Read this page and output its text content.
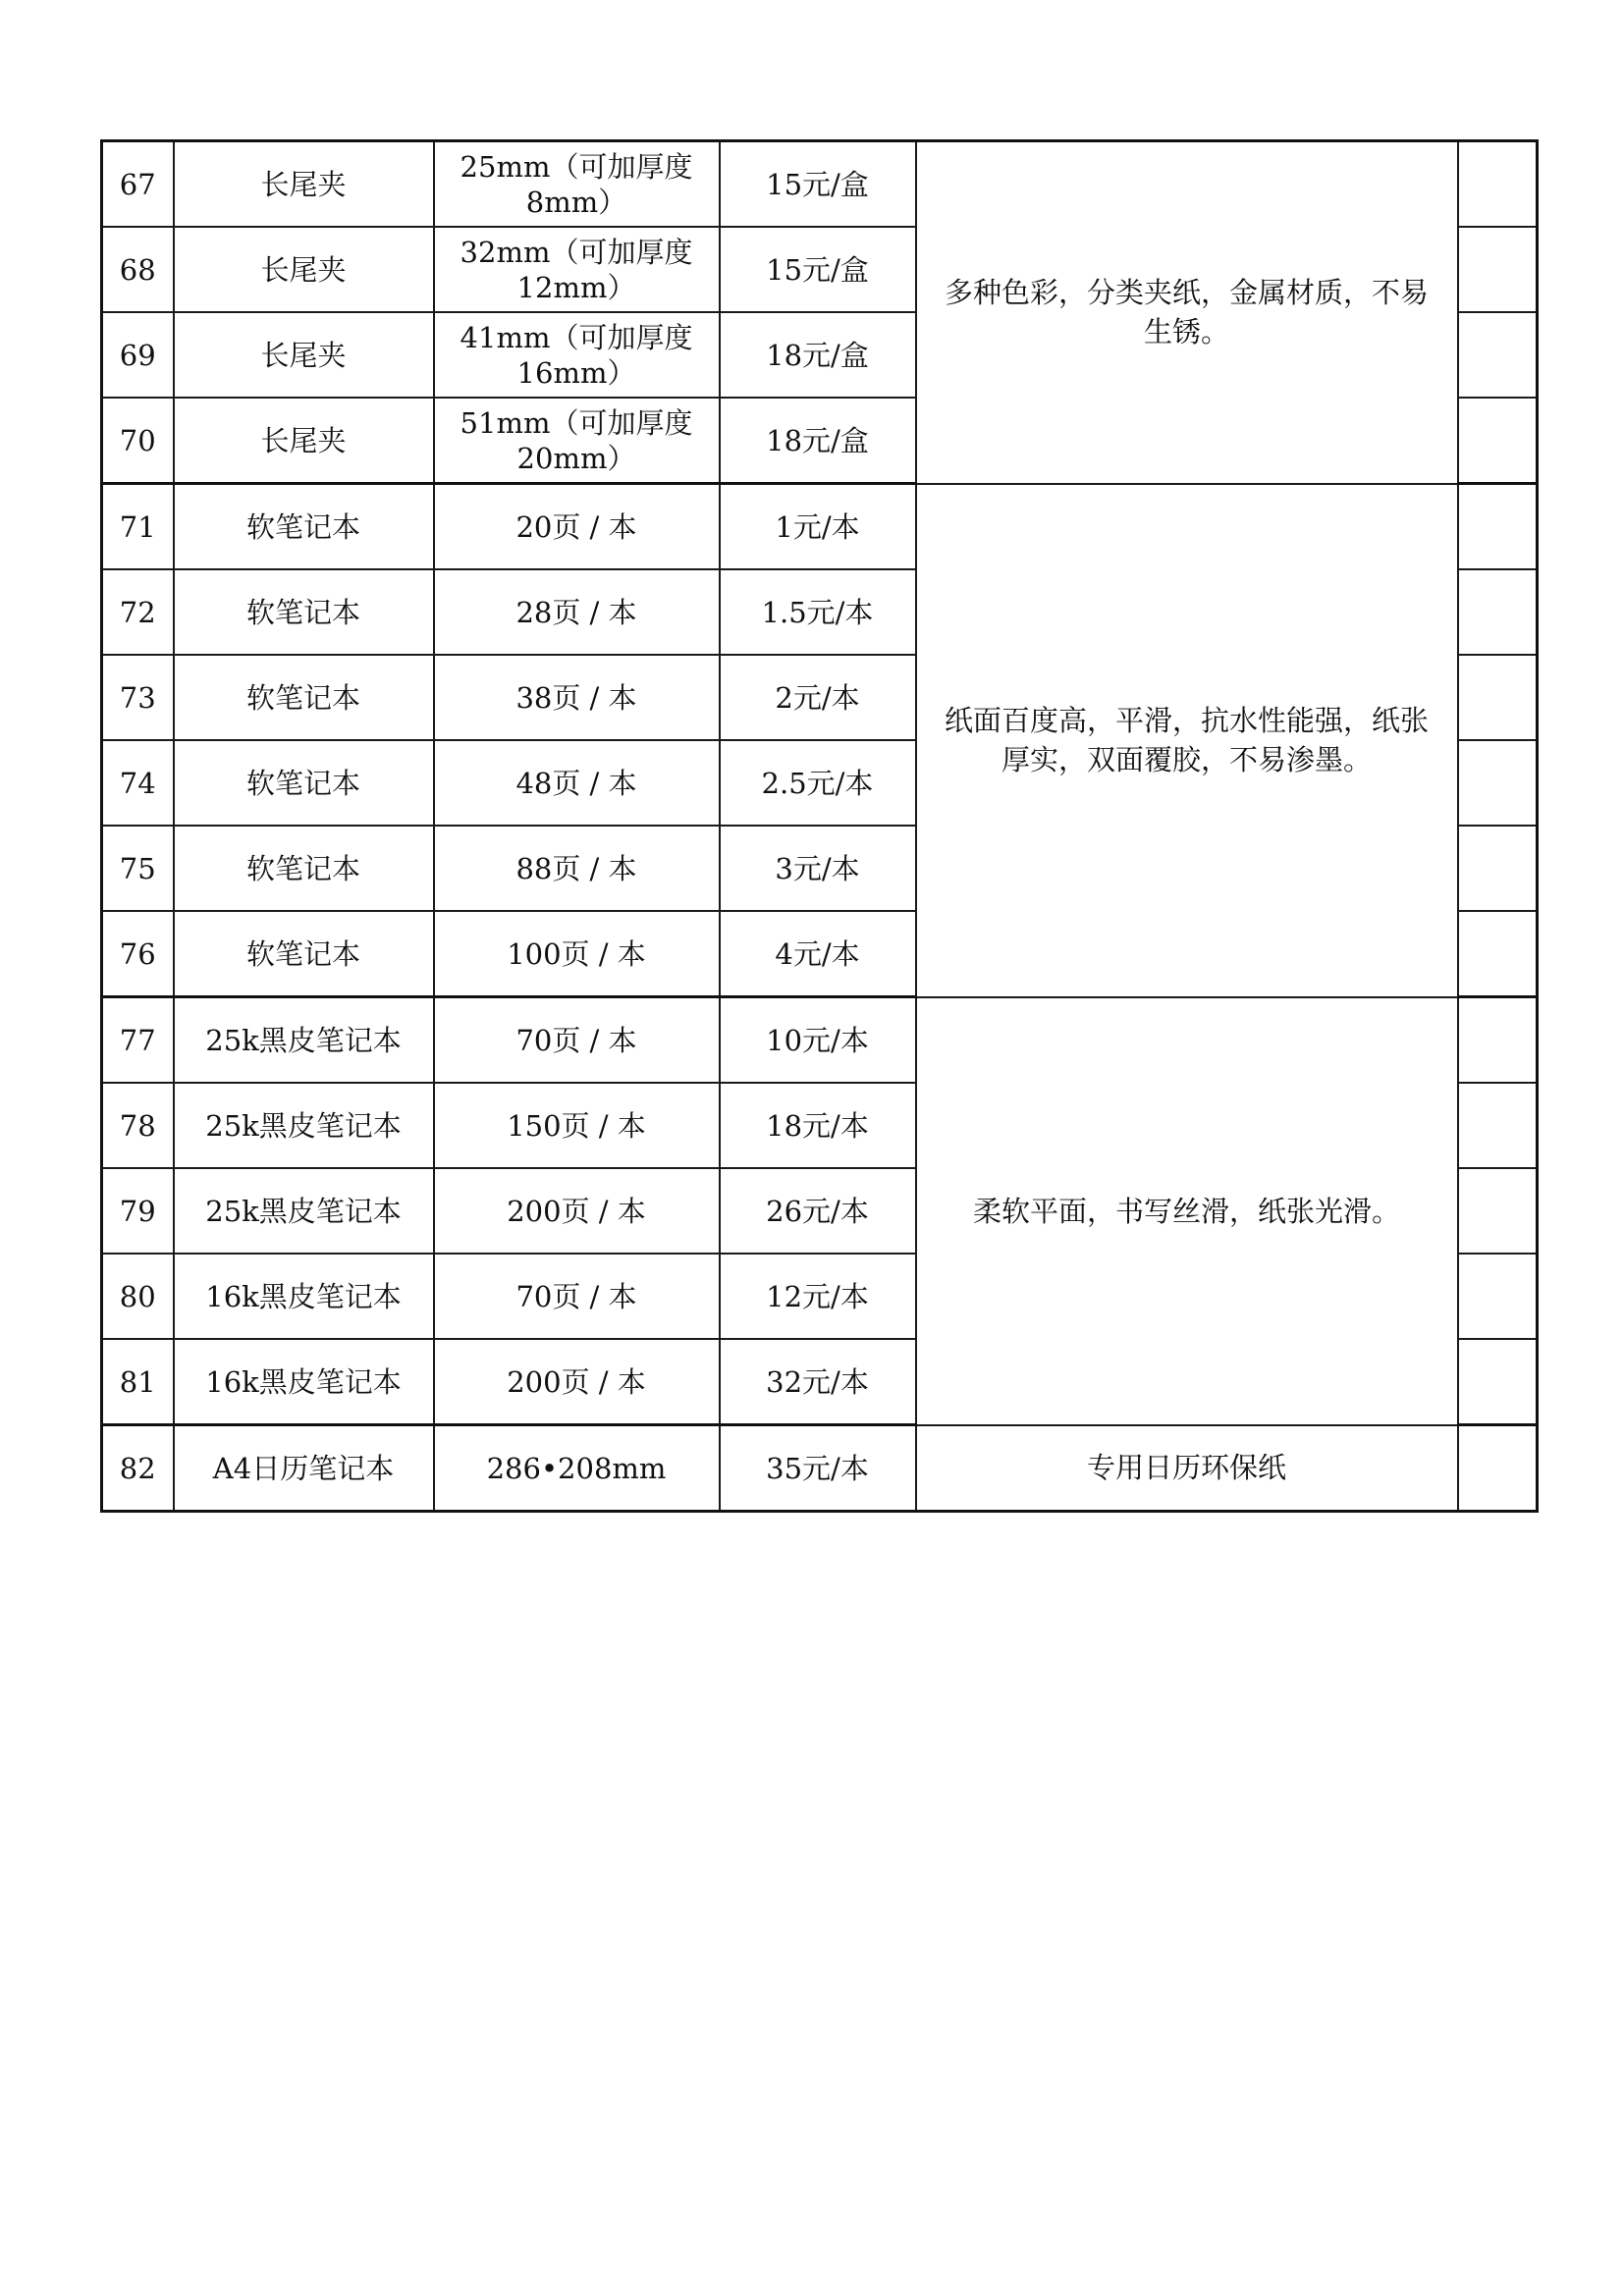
67	长尾夹	25mm（可加厚度8mm）	15元/盒	多种色彩，分类夹纸，金属材质，不易生锈。	
68	长尾夹	32mm（可加厚度12mm）	15元/盒		
69	长尾夹	41mm（可加厚度16mm）	18元/盒		
70	长尾夹	51mm（可加厚度20mm）	18元/盒		
71	软笔记本	20页 / 本	1元/本	纸面百度高，平滑，抗水性能强，纸张厚实，双面覆胶，不易渗墨。	
72	软笔记本	28页 / 本	1.5元/本		
73	软笔记本	38页 / 本	2元/本		
74	软笔记本	48页 / 本	2.5元/本		
75	软笔记本	88页 / 本	3元/本		
76	软笔记本	100页 / 本	4元/本		
77	25k黑皮笔记本	70页 / 本	10元/本	柔软平面，书写丝滑，纸张光滑。	
78	25k黑皮笔记本	150页 / 本	18元/本		
79	25k黑皮笔记本	200页 / 本	26元/本		
80	16k黑皮笔记本	70页 / 本	12元/本		
81	16k黑皮笔记本	200页 / 本	32元/本		
82	A4日历笔记本	286•208mm	35元/本	专用日历环保纸	
